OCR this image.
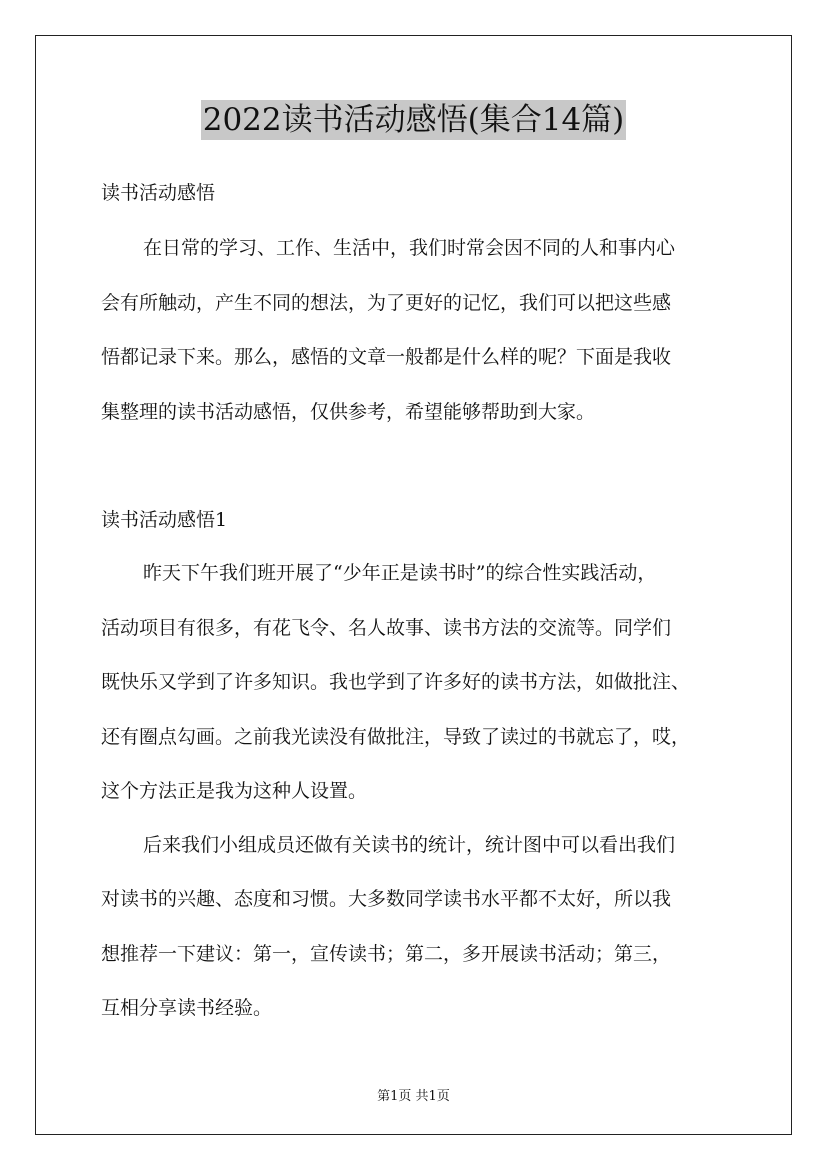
2022读书活动感悟(集合14篇)
读书活动感悟
在日常的学习、工作、生活中，我们时常会因不同的人和事内心
会有所触动，产生不同的想法，为了更好的记忆，我们可以把这些感
悟都记录下来。那么，感悟的文章一般都是什么样的呢？下面是我收
集整理的读书活动感悟，仅供参考，希望能够帮助到大家。
读书活动感悟1
昨天下午我们班开展了“少年正是读书时”的综合性实践活动，
活动项目有很多，有花飞令、名人故事、读书方法的交流等。同学们
既快乐又学到了许多知识。我也学到了许多好的读书方法，如做批注、
还有圈点勾画。之前我光读没有做批注，导致了读过的书就忘了，哎，
这个方法正是我为这种人设置。
后来我们小组成员还做有关读书的统计，统计图中可以看出我们
对读书的兴趣、态度和习惯。大多数同学读书水平都不太好，所以我
想推荐一下建议：第一，宣传读书；第二，多开展读书活动；第三，
互相分享读书经验。
第1页 共1页
